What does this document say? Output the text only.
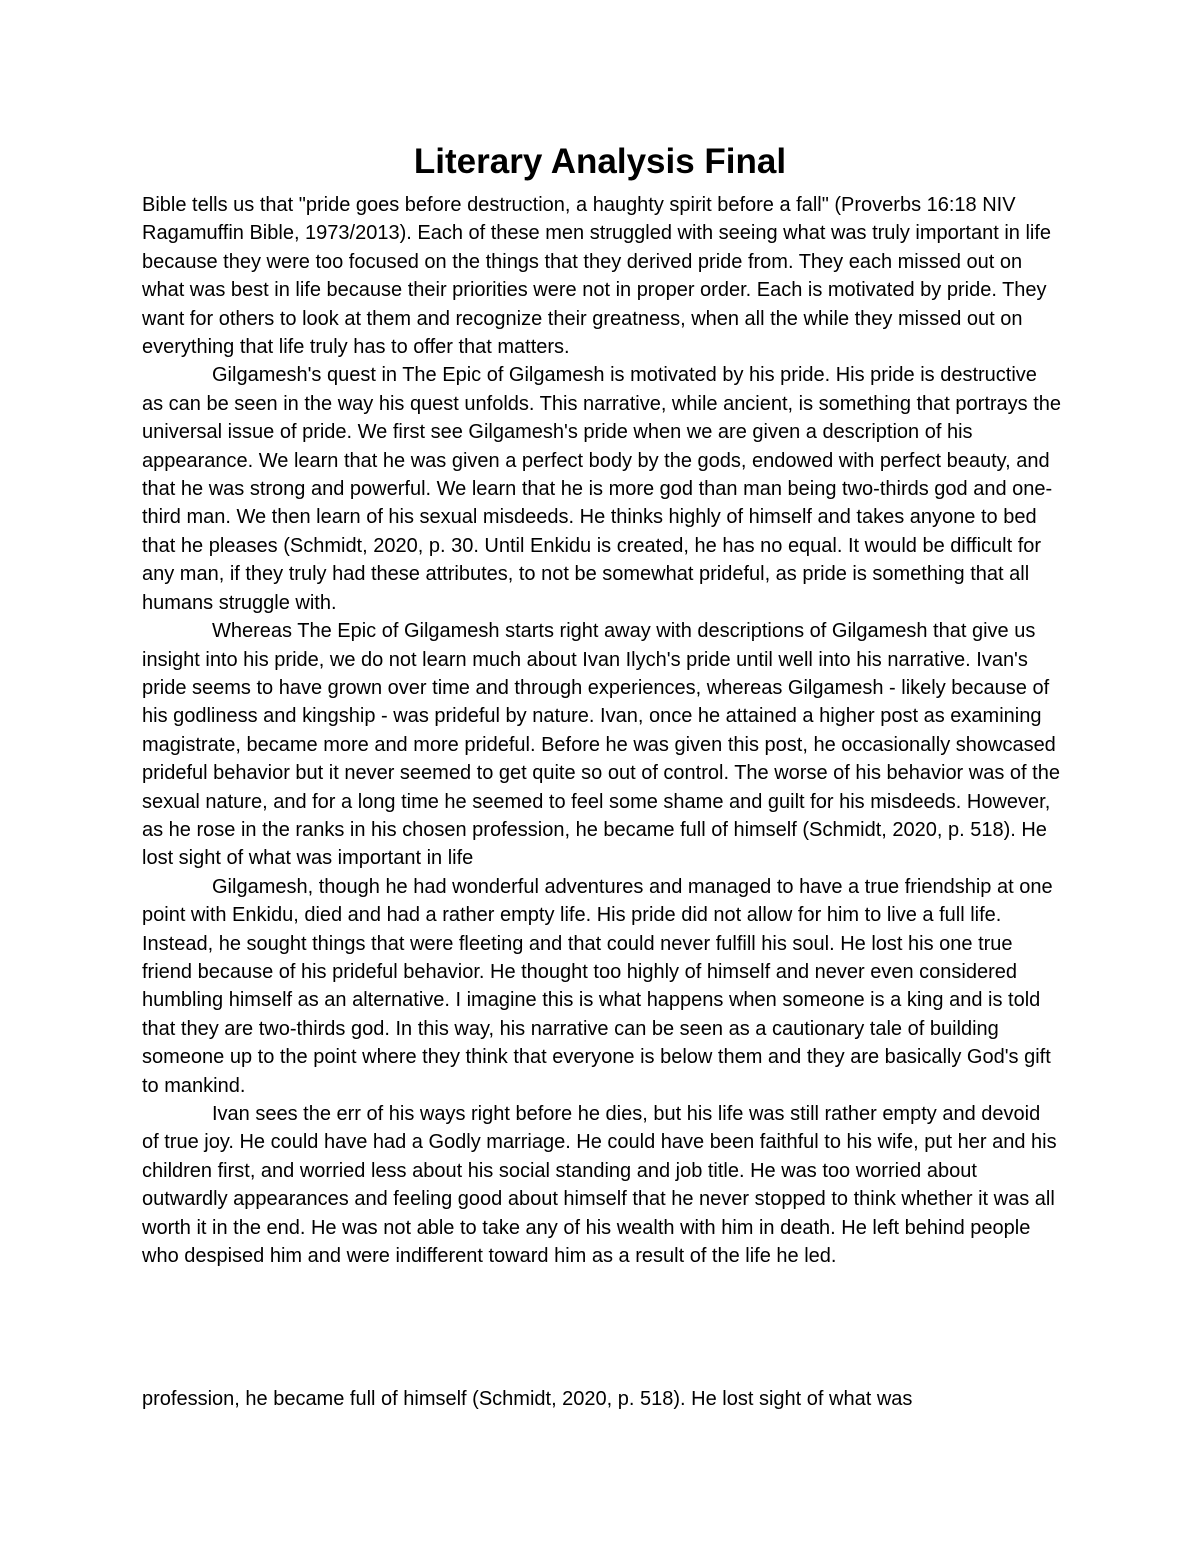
Literary Analysis Final

Bible tells us that "pride goes before destruction, a haughty spirit before a fall" (Proverbs 16:18 NIV Ragamuffin Bible, 1973/2013). Each of these men struggled with seeing what was truly important in life because they were too focused on the things that they derived pride from. They each missed out on what was best in life because their priorities were not in proper order. Each is motivated by pride. They want for others to look at them and recognize their greatness, when all the while they missed out on everything that life truly has to offer that matters.

Gilgamesh's quest in The Epic of Gilgamesh is motivated by his pride. His pride is destructive as can be seen in the way his quest unfolds. This narrative, while ancient, is something that portrays the universal issue of pride. We first see Gilgamesh's pride when we are given a description of his appearance. We learn that he was given a perfect body by the gods, endowed with perfect beauty, and that he was strong and powerful. We learn that he is more god than man being two-thirds god and one-third man. We then learn of his sexual misdeeds. He thinks highly of himself and takes anyone to bed that he pleases (Schmidt, 2020, p. 30. Until Enkidu is created, he has no equal. It would be difficult for any man, if they truly had these attributes, to not be somewhat prideful, as pride is something that all humans struggle with.

Whereas The Epic of Gilgamesh starts right away with descriptions of Gilgamesh that give us insight into his pride, we do not learn much about Ivan Ilych's pride until well into his narrative. Ivan's pride seems to have grown over time and through experiences, whereas Gilgamesh - likely because of his godliness and kingship - was prideful by nature. Ivan, once he attained a higher post as examining magistrate, became more and more prideful. Before he was given this post, he occasionally showcased prideful behavior but it never seemed to get quite so out of control. The worse of his behavior was of the sexual nature, and for a long time he seemed to feel some shame and guilt for his misdeeds. However, as he rose in the ranks in his chosen profession, he became full of himself (Schmidt, 2020, p. 518). He lost sight of what was important in life

Gilgamesh, though he had wonderful adventures and managed to have a true friendship at one point with Enkidu, died and had a rather empty life. His pride did not allow for him to live a full life. Instead, he sought things that were fleeting and that could never fulfill his soul. He lost his one true friend because of his prideful behavior. He thought too highly of himself and never even considered humbling himself as an alternative. I imagine this is what happens when someone is a king and is told that they are two-thirds god. In this way, his narrative can be seen as a cautionary tale of building someone up to the point where they think that everyone is below them and they are basically God's gift to mankind.

Ivan sees the err of his ways right before he dies, but his life was still rather empty and devoid of true joy. He could have had a Godly marriage. He could have been faithful to his wife, put her and his children first, and worried less about his social standing and job title. He was too worried about outwardly appearances and feeling good about himself that he never stopped to think whether it was all worth it in the end. He was not able to take any of his wealth with him in death. He left behind people who despised him and were indifferent toward him as a result of the life he led.

profession, he became full of himself (Schmidt, 2020, p. 518). He lost sight of what was
